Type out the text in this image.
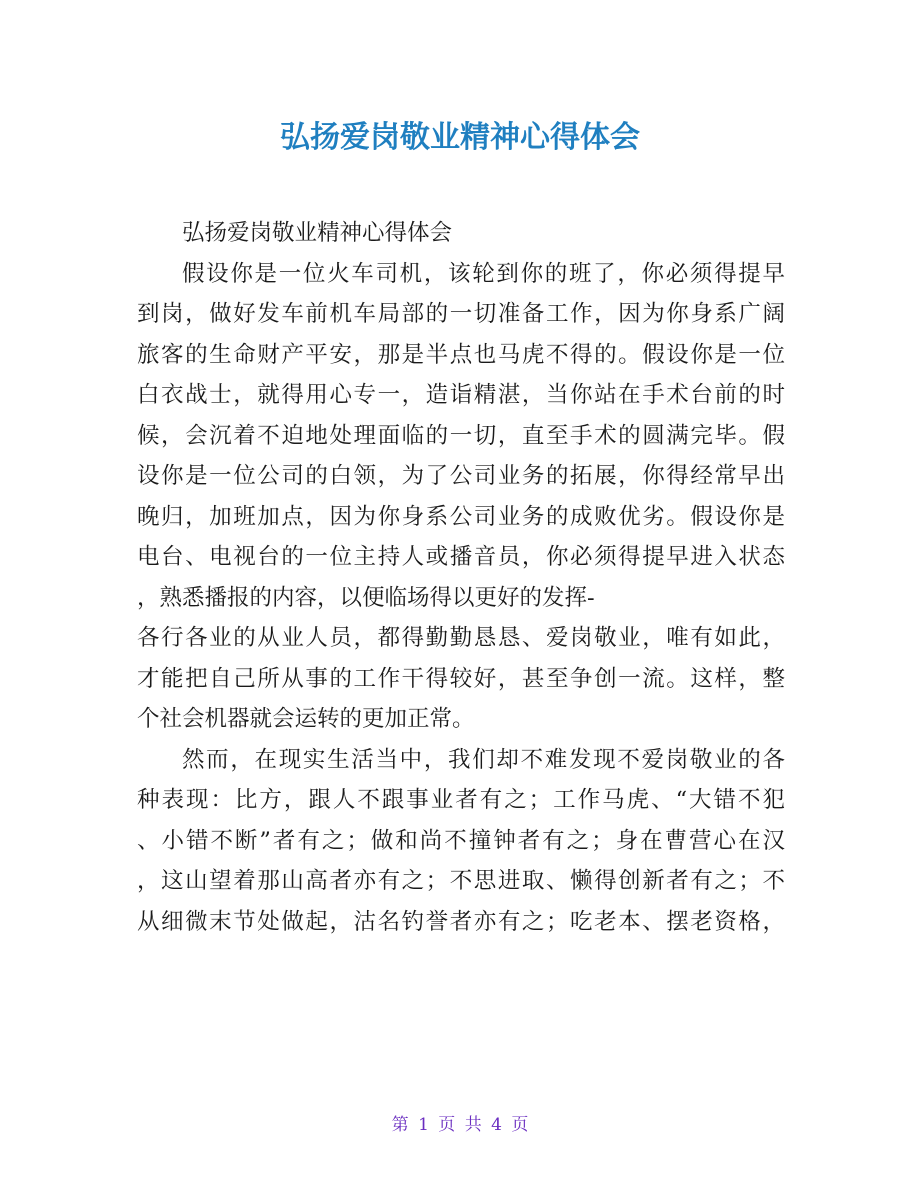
弘扬爱岗敬业精神心得体会
弘扬爱岗敬业精神心得体会
假设你是一位火车司机，该轮到你的班了，你必须得提早
到岗，做好发车前机车局部的一切准备工作，因为你身系广阔
旅客的生命财产平安，那是半点也马虎不得的。假设你是一位
白衣战士，就得用心专一，造诣精湛，当你站在手术台前的时
候，会沉着不迫地处理面临的一切，直至手术的圆满完毕。假
设你是一位公司的白领，为了公司业务的拓展，你得经常早出
晚归，加班加点，因为你身系公司业务的成败优劣。假设你是
电台、电视台的一位主持人或播音员，你必须得提早进入状态
，熟悉播报的内容，以便临场得以更好的发挥-
各行各业的从业人员，都得勤勤恳恳、爱岗敬业，唯有如此，
才能把自己所从事的工作干得较好，甚至争创一流。这样，整
个社会机器就会运转的更加正常。
然而，在现实生活当中，我们却不难发现不爱岗敬业的各
种表现：比方，跟人不跟事业者有之；工作马虎、“大错不犯
、小错不断”者有之；做和尚不撞钟者有之；身在曹营心在汉
，这山望着那山高者亦有之；不思进取、懒得创新者有之；不
从细微末节处做起，沽名钓誉者亦有之；吃老本、摆老资格，
第 1 页 共 4 页
